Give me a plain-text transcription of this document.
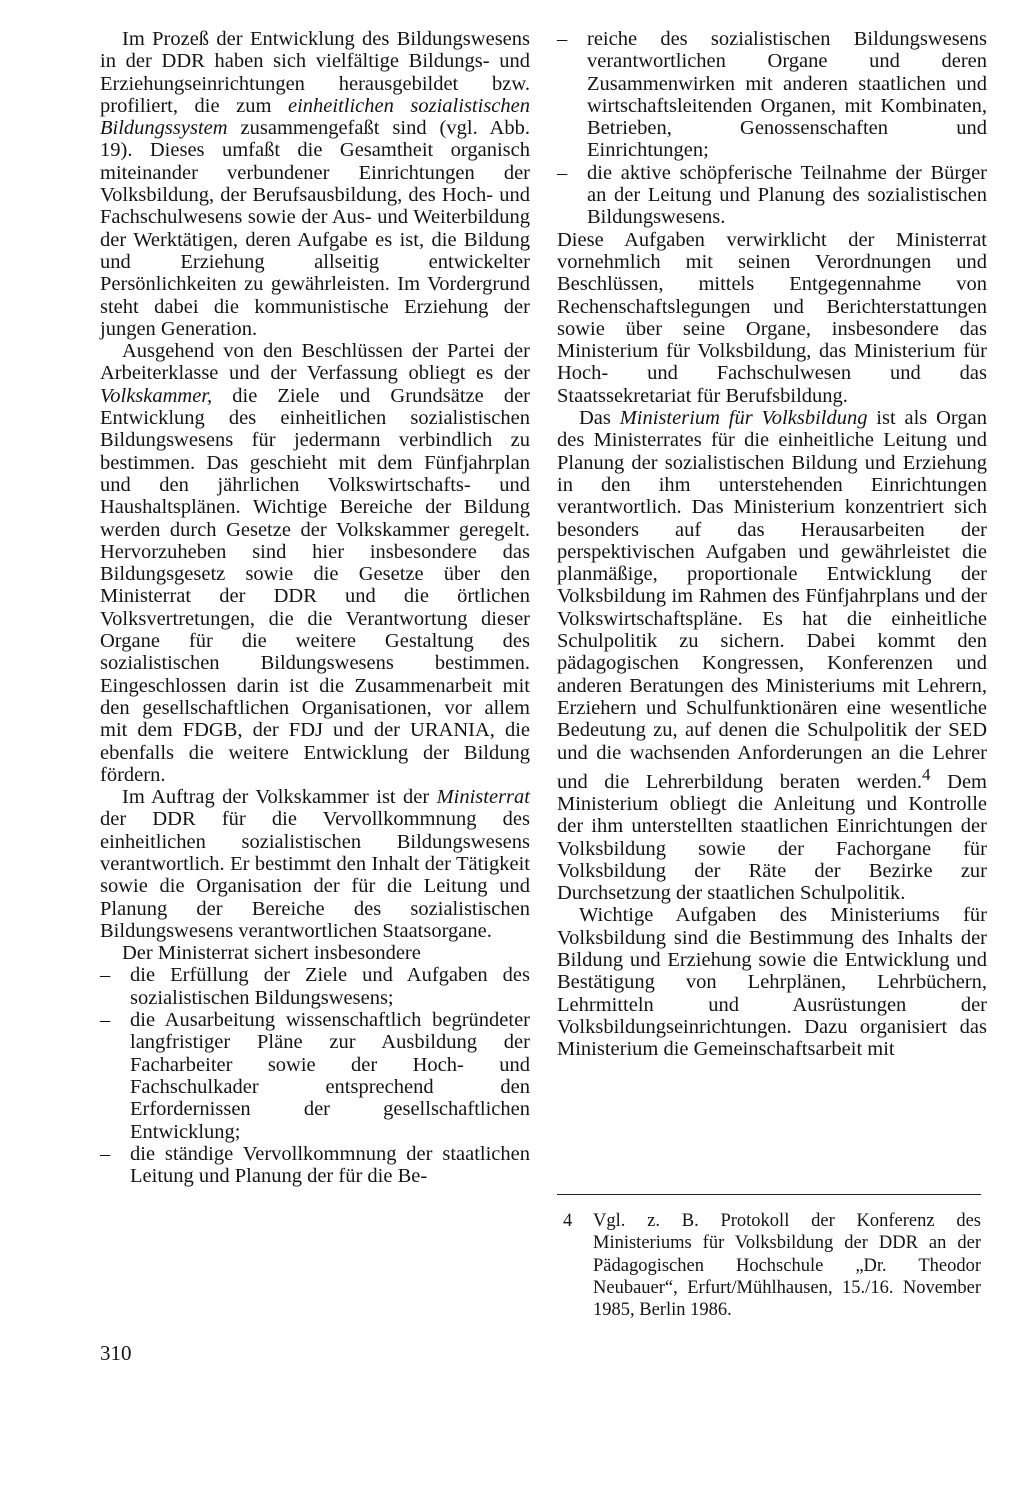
Im Prozeß der Entwicklung des Bildungswesens in der DDR haben sich vielfältige Bildungs- und Erziehungseinrichtungen herausgebildet bzw. profiliert, die zum einheitlichen sozialistischen Bildungssystem zusammengefaßt sind (vgl. Abb. 19). Dieses umfaßt die Gesamtheit organisch miteinander verbundener Einrichtungen der Volksbildung, der Berufsausbildung, des Hoch- und Fachschulwesens sowie der Aus- und Weiterbildung der Werktätigen, deren Aufgabe es ist, die Bildung und Erziehung allseitig entwickelter Persönlichkeiten zu gewährleisten. Im Vordergrund steht dabei die kommunistische Erziehung der jungen Generation.

Ausgehend von den Beschlüssen der Partei der Arbeiterklasse und der Verfassung obliegt es der Volkskammer, die Ziele und Grundsätze der Entwicklung des einheitlichen sozialistischen Bildungswesens für jedermann verbindlich zu bestimmen. Das geschieht mit dem Fünfjahrplan und den jährlichen Volkswirtschafts- und Haushaltsplänen. Wichtige Bereiche der Bildung werden durch Gesetze der Volkskammer geregelt. Hervorzuheben sind hier insbesondere das Bildungsgesetz sowie die Gesetze über den Ministerrat der DDR und die örtlichen Volksvertretungen, die die Verantwortung dieser Organe für die weitere Gestaltung des sozialistischen Bildungswesens bestimmen. Eingeschlossen darin ist die Zusammenarbeit mit den gesellschaftlichen Organisationen, vor allem mit dem FDGB, der FDJ und der URANIA, die ebenfalls die weitere Entwicklung der Bildung fördern.

Im Auftrag der Volkskammer ist der Ministerrat der DDR für die Vervollkommnung des einheitlichen sozialistischen Bildungswesens verantwortlich. Er bestimmt den Inhalt der Tätigkeit sowie die Organisation der für die Leitung und Planung der Bereiche des sozialistischen Bildungswesens verantwortlichen Staatsorgane.

Der Ministerrat sichert insbesondere

– die Erfüllung der Ziele und Aufgaben des sozialistischen Bildungswesens;
– die Ausarbeitung wissenschaftlich begründeter langfristiger Pläne zur Ausbildung der Facharbeiter sowie der Hoch- und Fachschulkader entsprechend den Erfordernissen der gesellschaftlichen Entwicklung;
– die ständige Vervollkommnung der staatlichen Leitung und Planung der für die Be-
– reiche des sozialistischen Bildungswesens verantwortlichen Organe und deren Zusammenwirken mit anderen staatlichen und wirtschaftsleitenden Organen, mit Kombinaten, Betrieben, Genossenschaften und Einrichtungen;
– die aktive schöpferische Teilnahme der Bürger an der Leitung und Planung des sozialistischen Bildungswesens.

Diese Aufgaben verwirklicht der Ministerrat vornehmlich mit seinen Verordnungen und Beschlüssen, mittels Entgegennahme von Rechenschaftslegungen und Berichterstattungen sowie über seine Organe, insbesondere das Ministerium für Volksbildung, das Ministerium für Hoch- und Fachschulwesen und das Staatssekretariat für Berufsbildung.

Das Ministerium für Volksbildung ist als Organ des Ministerrates für die einheitliche Leitung und Planung der sozialistischen Bildung und Erziehung in den ihm unterstehenden Einrichtungen verantwortlich. Das Ministerium konzentriert sich besonders auf das Herausarbeiten der perspektivischen Aufgaben und gewährleistet die planmäßige, proportionale Entwicklung der Volksbildung im Rahmen des Fünfjahrplans und der Volkswirtschaftspläne. Es hat die einheitliche Schulpolitik zu sichern. Dabei kommt den pädagogischen Kongressen, Konferenzen und anderen Beratungen des Ministeriums mit Lehrern, Erziehern und Schulfunktionären eine wesentliche Bedeutung zu, auf denen die Schulpolitik der SED und die wachsenden Anforderungen an die Lehrer und die Lehrerbildung beraten werden.$^4$ Dem Ministerium obliegt die Anleitung und Kontrolle der ihm unterstellten staatlichen Einrichtungen der Volksbildung sowie der Fachorgane für Volksbildung der Räte der Bezirke zur Durchsetzung der staatlichen Schulpolitik.

Wichtige Aufgaben des Ministeriums für Volksbildung sind die Bestimmung des Inhalts der Bildung und Erziehung sowie die Entwicklung und Bestätigung von Lehrplänen, Lehrbüchern, Lehrmitteln und Ausrüstungen der Volksbildungseinrichtungen. Dazu organisiert das Ministerium die Gemeinschaftsarbeit mit

4 Vgl. z. B. Protokoll der Konferenz des Ministeriums für Volksbildung der DDR an der Pädagogischen Hochschule „Dr. Theodor Neubauer“, Erfurt/Mühlhausen, 15./16. November 1985, Berlin 1986.
310
